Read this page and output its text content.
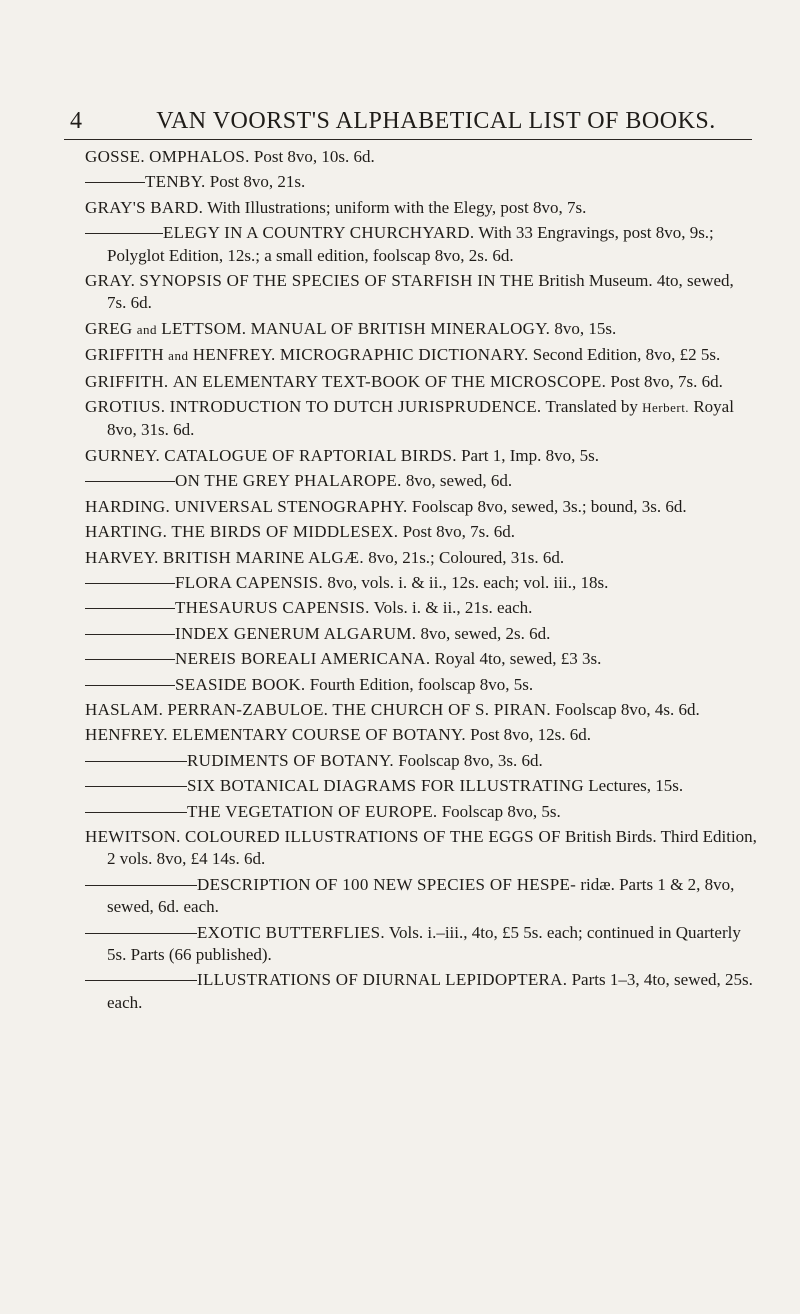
4	VAN VOORST'S ALPHABETICAL LIST OF BOOKS.
GOSSE. OMPHALOS. Post 8vo, 10s. 6d.
TENBY. Post 8vo, 21s.
GRAY'S BARD. With Illustrations; uniform with the Elegy, post 8vo, 7s.
ELEGY IN A COUNTRY CHURCHYARD. With 33 Engravings, post 8vo, 9s.; Polyglot Edition, 12s.; a small edition, foolscap 8vo, 2s. 6d.
GRAY. SYNOPSIS OF THE SPECIES OF STARFISH IN THE British Museum. 4to, sewed, 7s. 6d.
GREG and LETTSOM. MANUAL OF BRITISH MINERALOGY. 8vo, 15s.
GRIFFITH and HENFREY. MICROGRAPHIC DICTIONARY. Second Edition, 8vo, £2 5s.
GRIFFITH. AN ELEMENTARY TEXT-BOOK OF THE MICROSCOPE. Post 8vo, 7s. 6d.
GROTIUS. INTRODUCTION TO DUTCH JURISPRUDENCE. Translated by Herbert. Royal 8vo, 31s. 6d.
GURNEY. CATALOGUE OF RAPTORIAL BIRDS. Part 1, Imp. 8vo, 5s.
ON THE GREY PHALAROPE. 8vo, sewed, 6d.
HARDING. UNIVERSAL STENOGRAPHY. Foolscap 8vo, sewed, 3s.; bound, 3s. 6d.
HARTING. THE BIRDS OF MIDDLESEX. Post 8vo, 7s. 6d.
HARVEY. BRITISH MARINE ALGÆ. 8vo, 21s.; Coloured, 31s. 6d.
FLORA CAPENSIS. 8vo, vols. i. & ii., 12s. each; vol. iii., 18s.
THESAURUS CAPENSIS. Vols. i. & ii., 21s. each.
INDEX GENERUM ALGARUM. 8vo, sewed, 2s. 6d.
NEREIS BOREALI AMERICANA. Royal 4to, sewed, £3 3s.
SEASIDE BOOK. Fourth Edition, foolscap 8vo, 5s.
HASLAM. PERRAN-ZABULOE. THE CHURCH OF S. PIRAN. Foolscap 8vo, 4s. 6d.
HENFREY. ELEMENTARY COURSE OF BOTANY. Post 8vo, 12s. 6d.
RUDIMENTS OF BOTANY. Foolscap 8vo, 3s. 6d.
SIX BOTANICAL DIAGRAMS FOR ILLUSTRATING Lectures, 15s.
THE VEGETATION OF EUROPE. Foolscap 8vo, 5s.
HEWITSON. COLOURED ILLUSTRATIONS OF THE EGGS OF British Birds. Third Edition, 2 vols. 8vo, £4 14s. 6d.
DESCRIPTION OF 100 NEW SPECIES OF HESPE- ridæ. Parts 1 & 2, 8vo, sewed, 6d. each.
EXOTIC BUTTERFLIES. Vols. i.–iii., 4to, £5 5s. each; continued in Quarterly 5s. Parts (66 published).
ILLUSTRATIONS OF DIURNAL LEPIDOPTERA. Parts 1–3, 4to, sewed, 25s. each.
